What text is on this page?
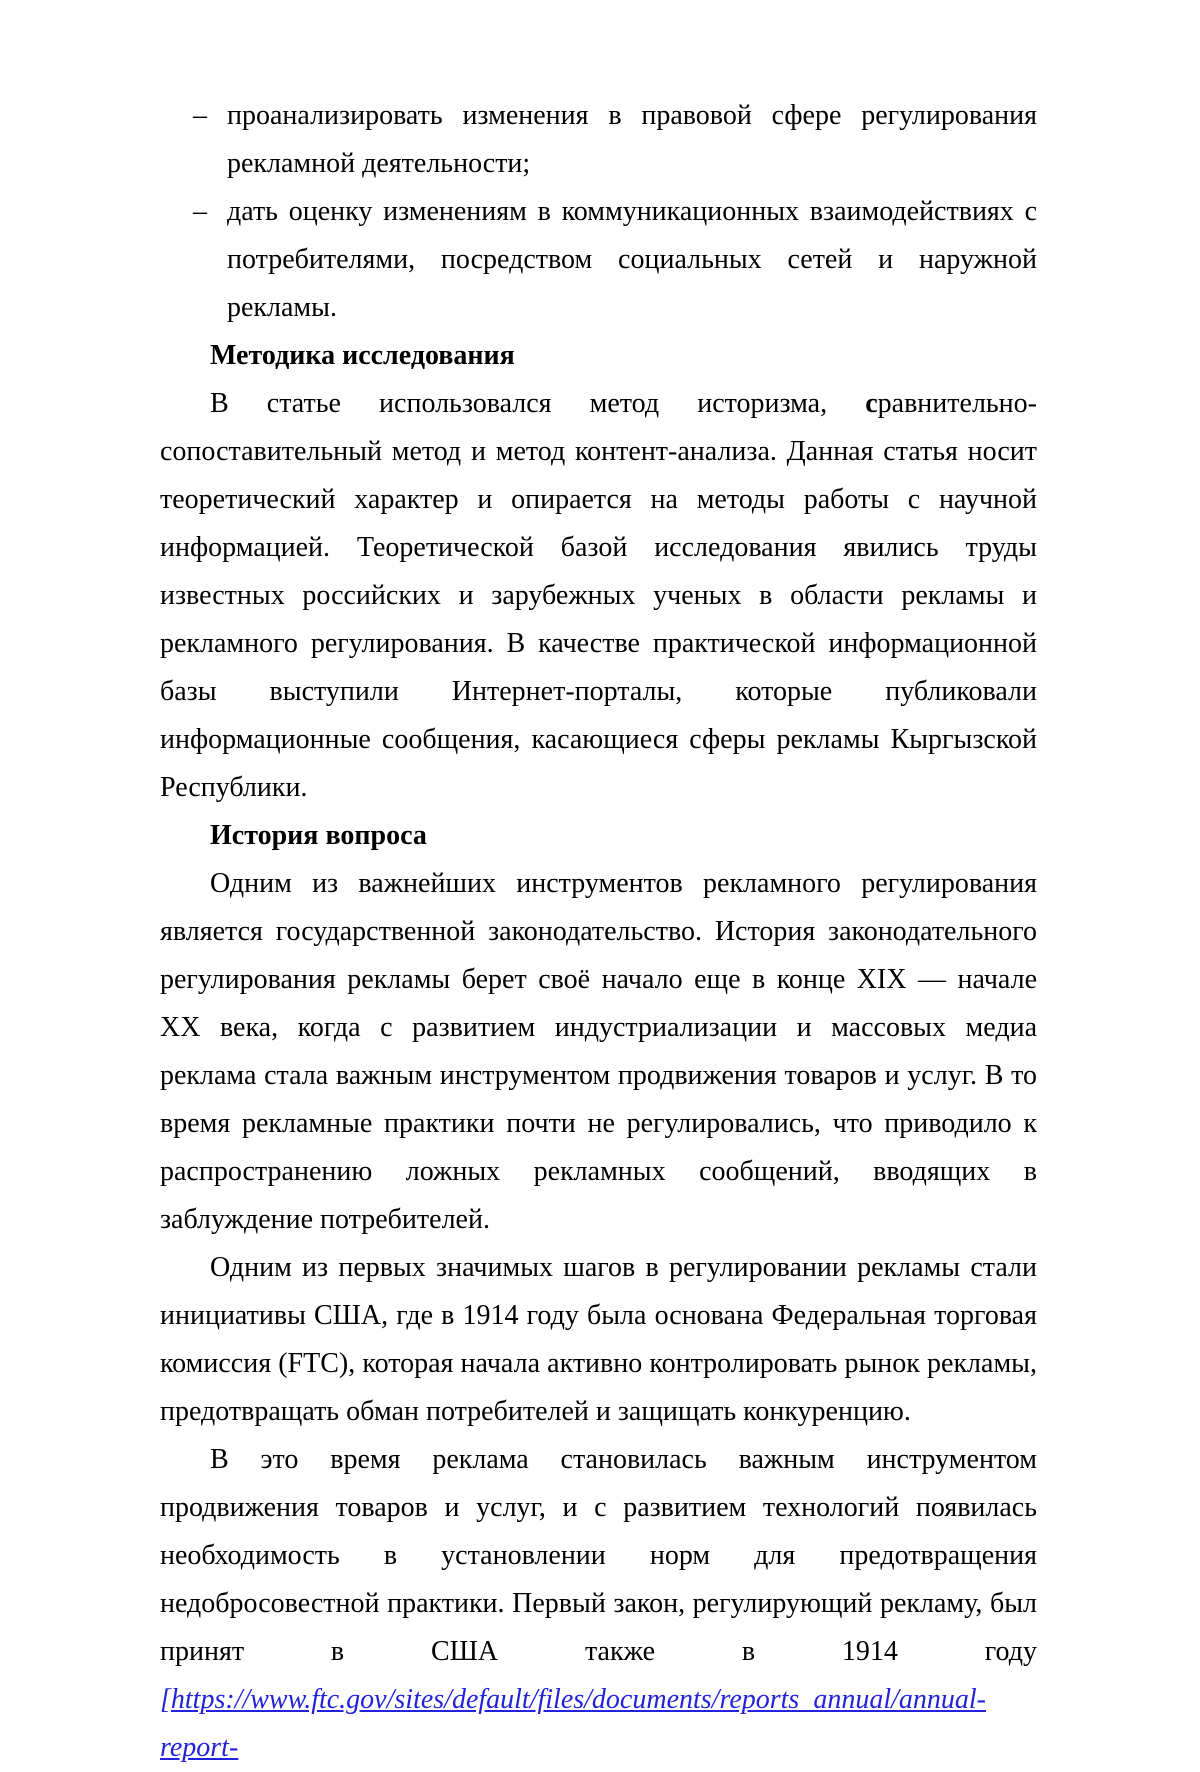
– проанализировать изменения в правовой сфере регулирования рекламной деятельности;
– дать оценку изменениям в коммуникационных взаимодействиях с потребителями, посредством социальных сетей и наружной рекламы.
Методика исследования

В статье использовался метод историзма, сравнительно-сопоставительный метод и метод контент-анализа. Данная статья носит теоретический характер и опирается на методы работы с научной информацией. Теоретической базой исследования явились труды известных российских и зарубежных ученых в области рекламы и рекламного регулирования. В качестве практической информационной базы выступили Интернет-порталы, которые публиковали информационные сообщения, касающиеся сферы рекламы Кыргызской Республики.

История вопроса

Одним из важнейших инструментов рекламного регулирования является государственной законодательство. История законодательного регулирования рекламы берет своё начало еще в конце XIX — начале XX века, когда с развитием индустриализации и массовых медиа реклама стала важным инструментом продвижения товаров и услуг. В то время рекламные практики почти не регулировались, что приводило к распространению ложных рекламных сообщений, вводящих в заблуждение потребителей.

Одним из первых значимых шагов в регулировании рекламы стали инициативы США, где в 1914 году была основана Федеральная торговая комиссия (FTC), которая начала активно контролировать рынок рекламы, предотвращать обман потребителей и защищать конкуренцию.

В это время реклама становилась важным инструментом продвижения товаров и услуг, и с развитием технологий появилась необходимость в установлении норм для предотвращения недобросовестной практики. Первый закон, регулирующий рекламу, был принят в США также в 1914 году [https://www.ftc.gov/sites/default/files/documents/reports_annual/annual-report-
